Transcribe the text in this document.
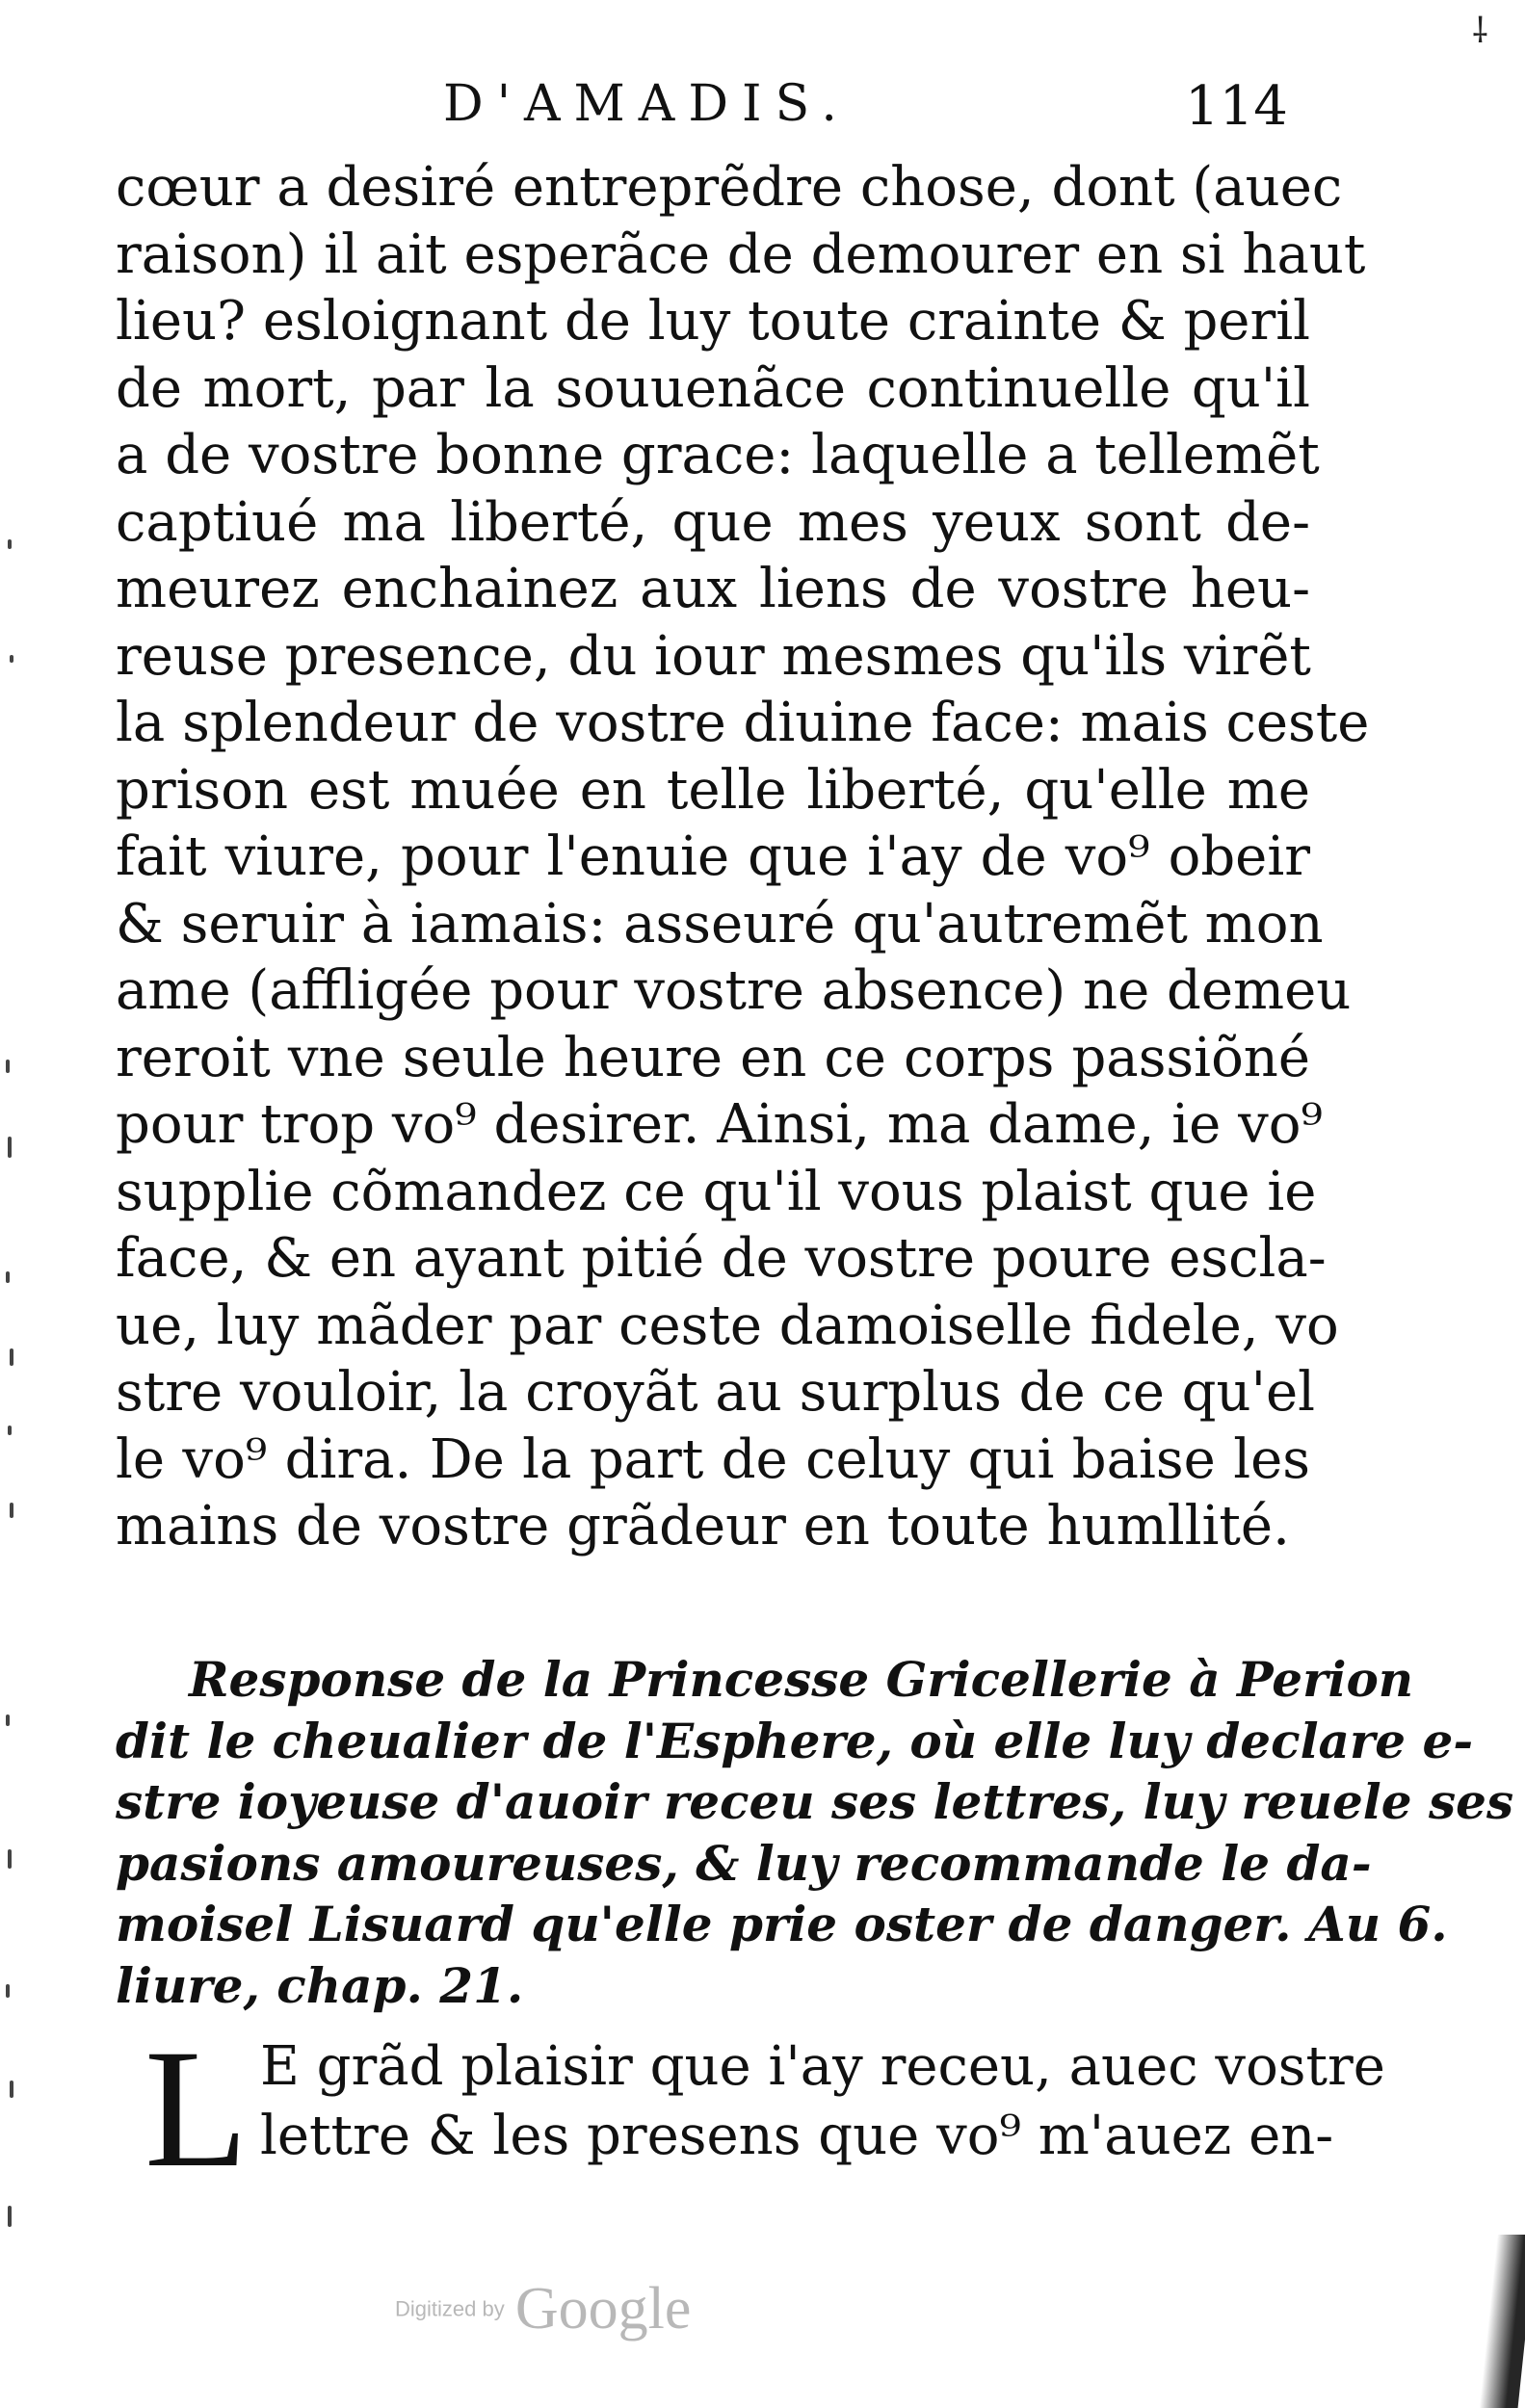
⸸
D'AMADIS.	114
cœur a desiré entreprẽdre chose, dont (auec
raison) il ait esperãce de demourer en si haut
lieu? esloignant de luy toute crainte & peril
de mort, par la souuenãce continuelle qu'il
a de vostre bonne grace: laquelle a tellemẽt
captiué ma liberté, que mes yeux sont de-
meurez enchainez aux liens de vostre heu-
reuse presence, du iour mesmes qu'ils virẽt
la splendeur de vostre diuine face: mais ceste
prison est muée en telle liberté, qu'elle me
fait viure, pour l'enuie que i'ay de vo⁹ obeir
& seruir à iamais: asseuré qu'autremẽt mon
ame (affligée pour vostre absence) ne demeu
reroit vne seule heure en ce corps passiõné
pour trop vo⁹ desirer. Ainsi, ma dame, ie vo⁹
supplie cõmandez ce qu'il vous plaist que ie
face, & en ayant pitié de vostre poure escla-
ue, luy mãder par ceste damoiselle fidele, vo
stre vouloir, la croyãt au surplus de ce qu'el
le vo⁹ dira. De la part de celuy qui baise les
mains de vostre grãdeur en toute humllité.
Response de la Princesse Gricellerie à Perion
dit le cheualier de l'Esphere, où elle luy declare e-
stre ioyeuse d'auoir receu ses lettres, luy reuele ses
pasions amoureuses, & luy recommande le da-
moisel Lisuard qu'elle prie oster de danger. Au 6.
liure, chap. 21.
L E grãd plaisir que i'ay receu, auec vostre
lettre & les presens que vo⁹ m'auez en-
Digitized by Google
